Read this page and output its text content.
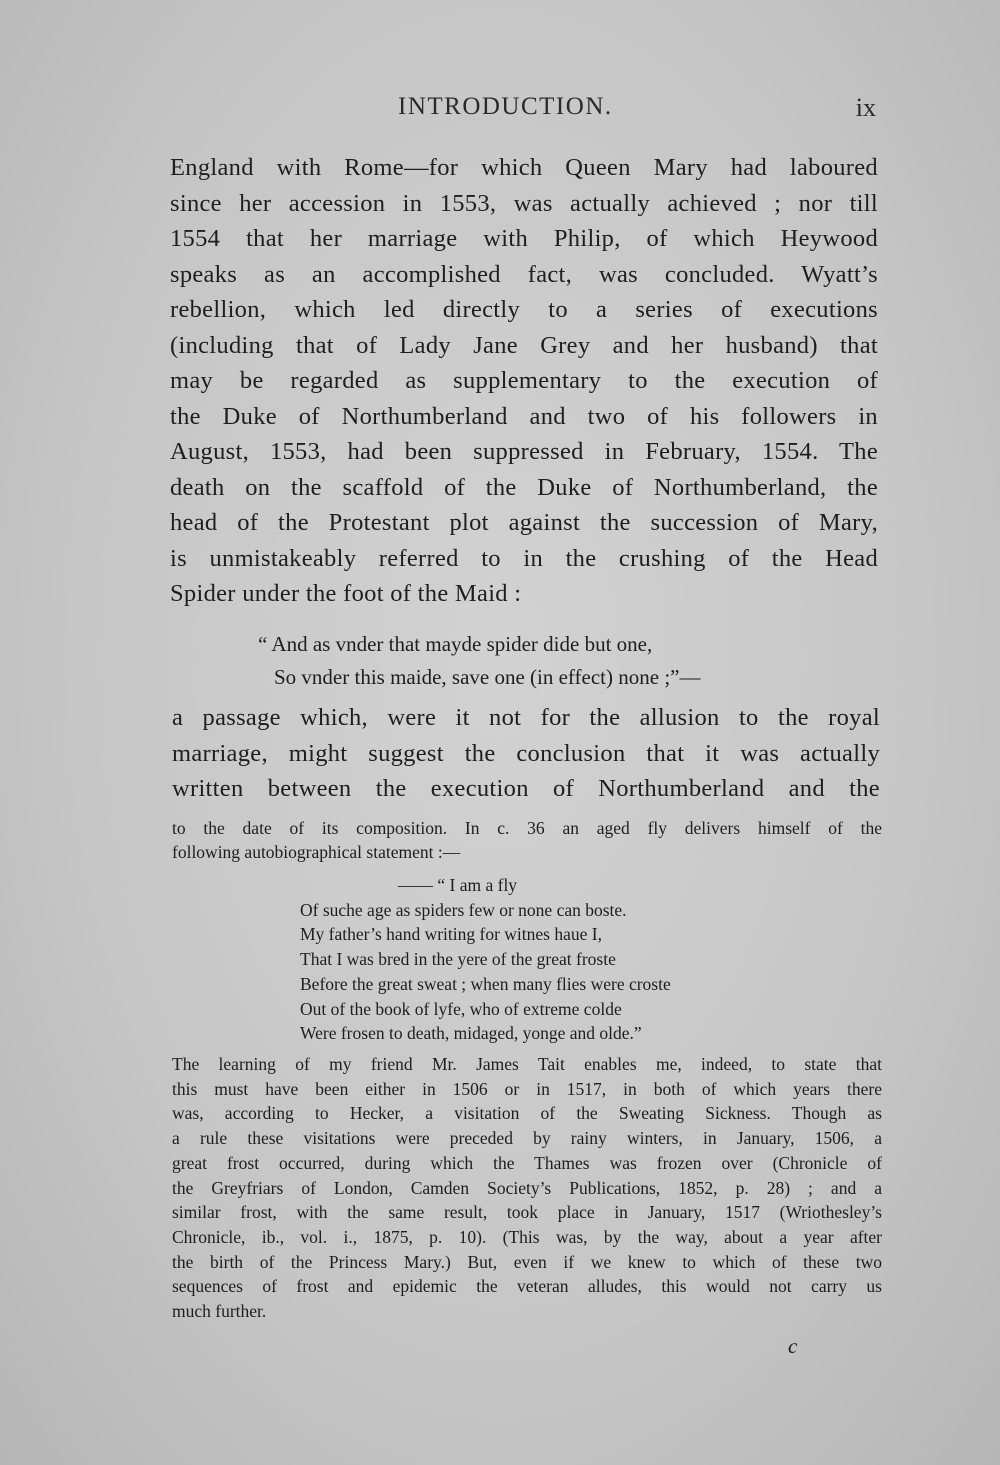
INTRODUCTION.	ix
England with Rome—for which Queen Mary had laboured
since her accession in 1553, was actually achieved ; nor till
1554 that her marriage with Philip, of which Heywood
speaks as an accomplished fact, was concluded. Wyatt’s
rebellion, which led directly to a series of executions
(including that of Lady Jane Grey and her husband) that
may be regarded as supplementary to the execution of
the Duke of Northumberland and two of his followers in
August, 1553, had been suppressed in February, 1554. The
death on the scaffold of the Duke of Northumberland, the
head of the Protestant plot against the succession of Mary,
is unmistakeably referred to in the crushing of the Head
Spider under the foot of the Maid :
“ And as vnder that mayde spider dide but one,
So vnder this maide, save one (in effect) none ;”—
a passage which, were it not for the allusion to the royal
marriage, might suggest the conclusion that it was actually
written between the execution of Northumberland and the
to the date of its composition. In c. 36 an aged fly delivers himself of the
following autobiographical statement :—
—— “ I am a fly
Of suche age as spiders few or none can boste.
My father’s hand writing for witnes haue I,
That I was bred in the yere of the great froste
Before the great sweat ; when many flies were croste
Out of the book of lyfe, who of extreme colde
Were frosen to death, midaged, yonge and olde.”
The learning of my friend Mr. James Tait enables me, indeed, to state that
this must have been either in 1506 or in 1517, in both of which years there
was, according to Hecker, a visitation of the Sweating Sickness. Though as
a rule these visitations were preceded by rainy winters, in January, 1506, a
great frost occurred, during which the Thames was frozen over (Chronicle of
the Greyfriars of London, Camden Society’s Publications, 1852, p. 28) ; and a
similar frost, with the same result, took place in January, 1517 (Wriothesley’s
Chronicle, ib., vol. i., 1875, p. 10). (This was, by the way, about a year after
the birth of the Princess Mary.) But, even if we knew to which of these two
sequences of frost and epidemic the veteran alludes, this would not carry us
much further.
c
